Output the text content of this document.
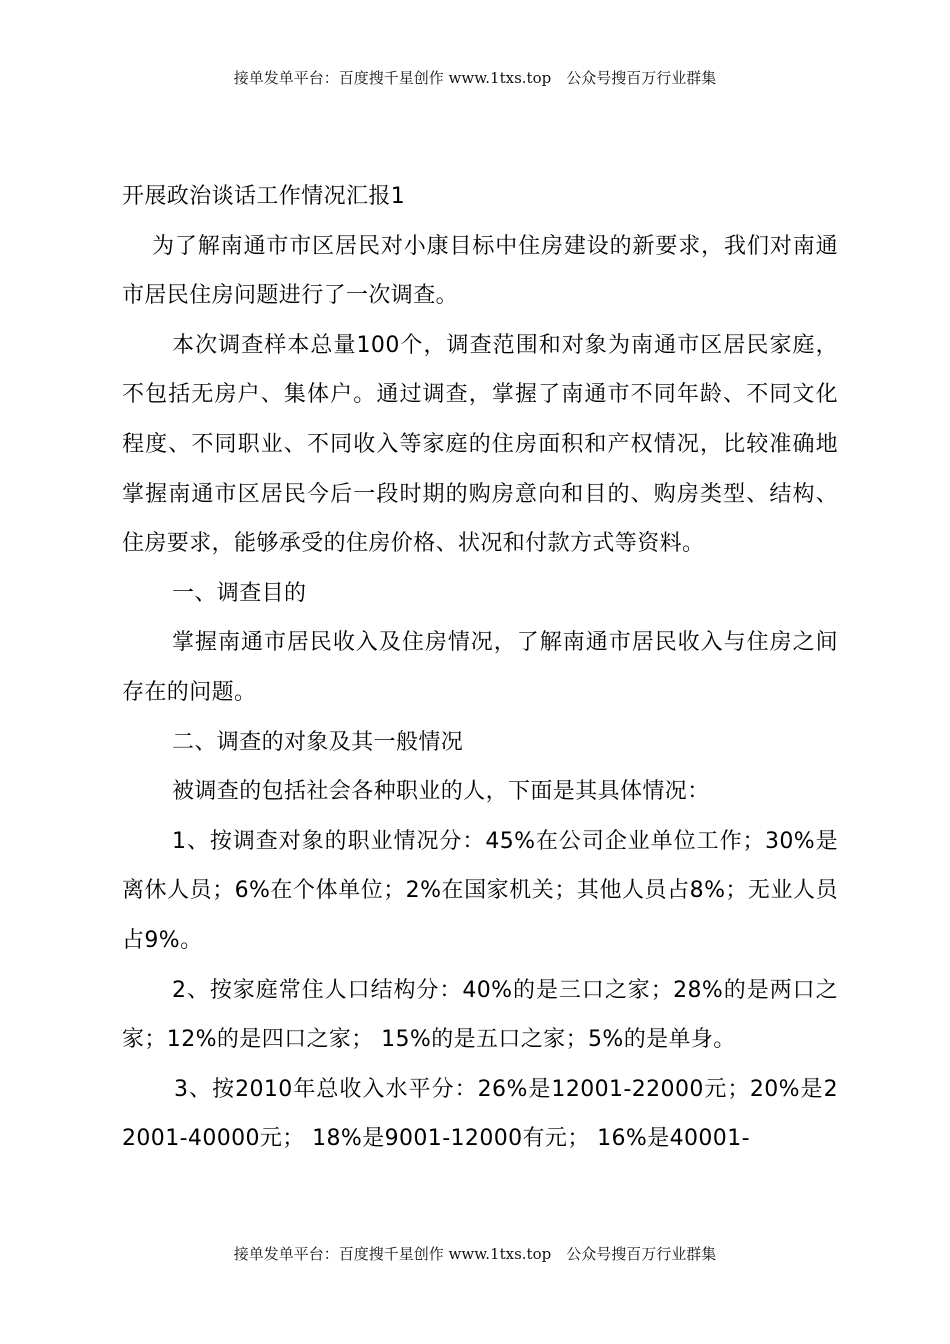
接单发单平台：百度搜千星创作 www.1txs.top　公众号搜百万行业群集

开展政治谈话工作情况汇报1

为了解南通市市区居民对小康目标中住房建设的新要求，我们对南通市居民住房问题进行了一次调查。

本次调查样本总量100个，调查范围和对象为南通市区居民家庭，不包括无房户、集体户。通过调查，掌握了南通市不同年龄、不同文化程度、不同职业、不同收入等家庭的住房面积和产权情况，比较准确地掌握南通市区居民今后一段时期的购房意向和目的、购房类型、结构、住房要求，能够承受的住房价格、状况和付款方式等资料。

一、调查目的

掌握南通市居民收入及住房情况，了解南通市居民收入与住房之间存在的问题。

二、调查的对象及其一般情况

被调查的包括社会各种职业的人，下面是其具体情况：

1、按调查对象的职业情况分：45%在公司企业单位工作；30%是离休人员；6%在个体单位；2%在国家机关；其他人员占8%；无业人员占9%。

2、按家庭常住人口结构分：40%的是三口之家；28%的是两口之家；12%的是四口之家； 15%的是五口之家；5%的是单身。

3、按2010年总收入水平分：26%是12001-22000元；20%是22001-40000元； 18%是9001-12000有元； 16%是40001-

接单发单平台：百度搜千星创作 www.1txs.top　公众号搜百万行业群集
